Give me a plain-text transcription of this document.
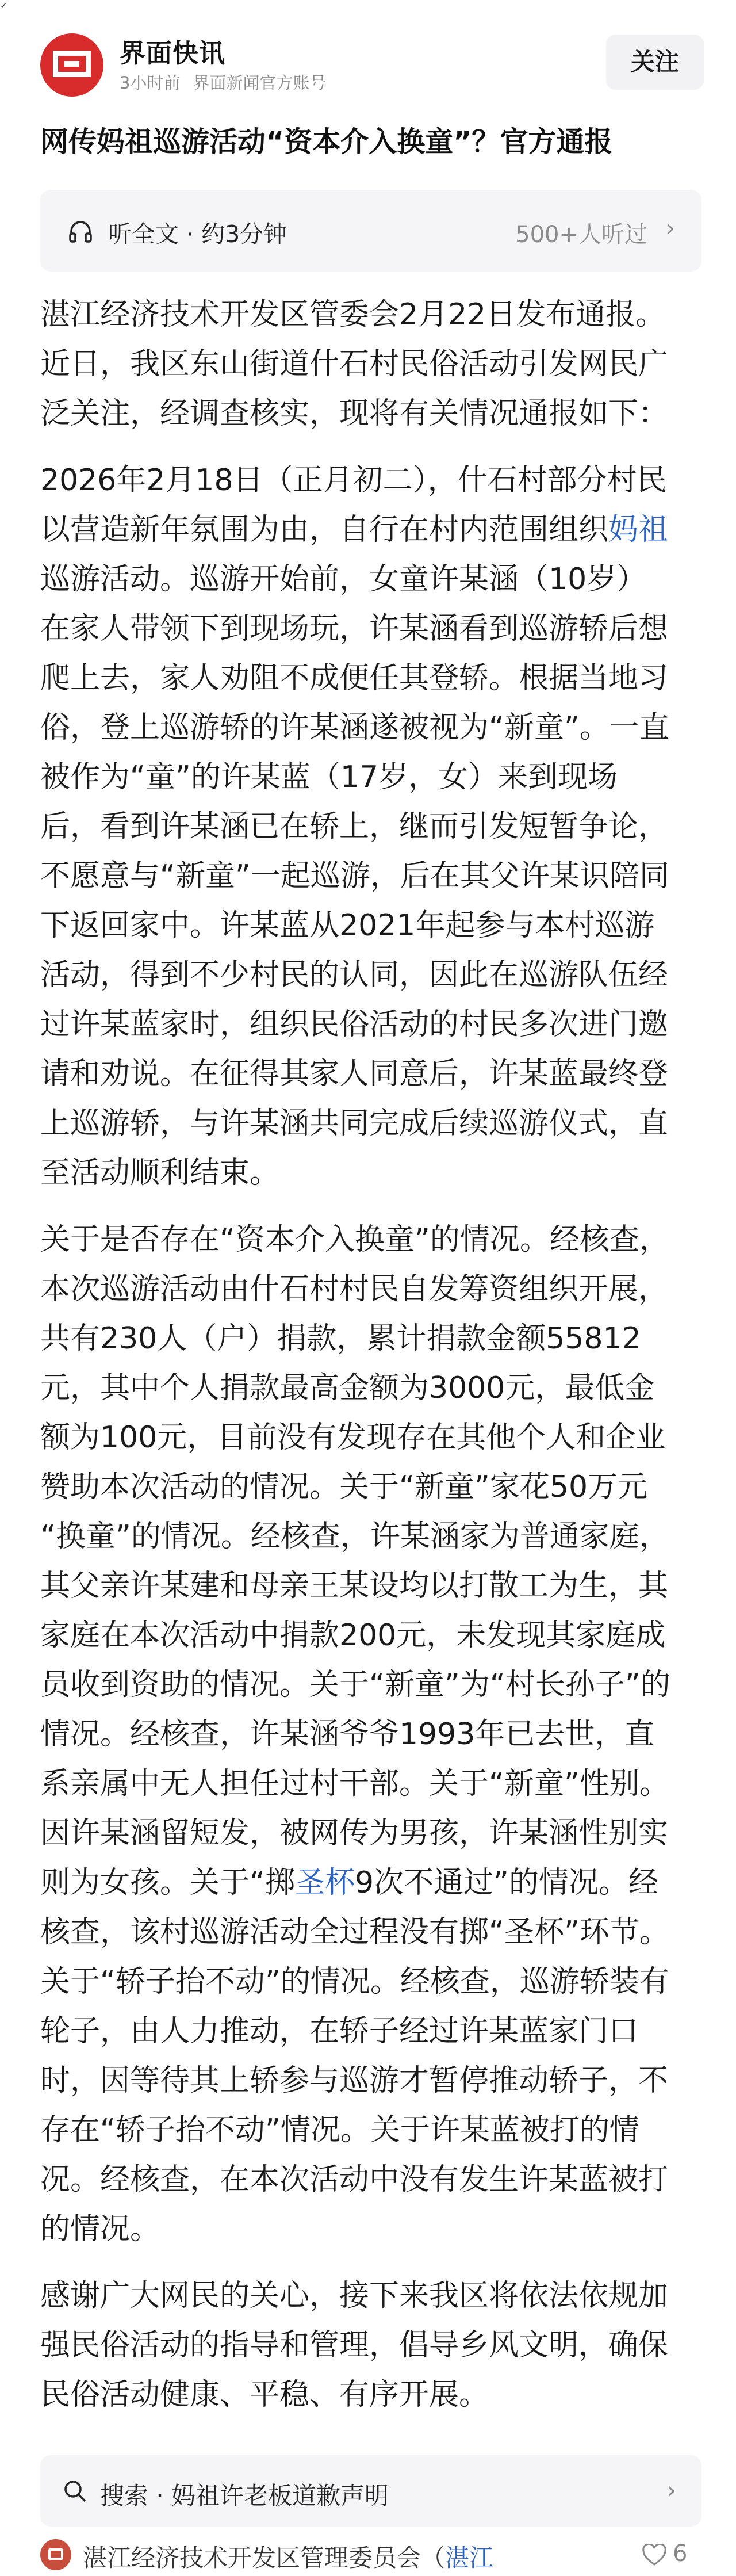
✓
界面快讯
3小时前 界面新闻官方账号
关注
网传妈祖巡游活动“资本介入换童”？官方通报
听全文 · 约3分钟	500+人听过 ›
湛江经济技术开发区管委会2月22日发布通报。
近日，我区东山街道什石村民俗活动引发网民广
泛关注，经调查核实，现将有关情况通报如下：
2026年2月18日（正月初二），什石村部分村民
以营造新年氛围为由，自行在村内范围组织妈祖
巡游活动。巡游开始前，女童许某涵（10岁）
在家人带领下到现场玩，许某涵看到巡游轿后想
爬上去，家人劝阻不成便任其登轿。根据当地习
俗，登上巡游轿的许某涵遂被视为“新童”。一直
被作为“童”的许某蓝（17岁，女）来到现场
后，看到许某涵已在轿上，继而引发短暂争论，
不愿意与“新童”一起巡游，后在其父许某识陪同
下返回家中。许某蓝从2021年起参与本村巡游
活动，得到不少村民的认同，因此在巡游队伍经
过许某蓝家时，组织民俗活动的村民多次进门邀
请和劝说。在征得其家人同意后，许某蓝最终登
上巡游轿，与许某涵共同完成后续巡游仪式，直
至活动顺利结束。
关于是否存在“资本介入换童”的情况。经核查，
本次巡游活动由什石村村民自发筹资组织开展，
共有230人（户）捐款，累计捐款金额55812
元，其中个人捐款最高金额为3000元，最低金
额为100元，目前没有发现存在其他个人和企业
赞助本次活动的情况。关于“新童”家花50万元
“换童”的情况。经核查，许某涵家为普通家庭，
其父亲许某建和母亲王某设均以打散工为生，其
家庭在本次活动中捐款200元，未发现其家庭成
员收到资助的情况。关于“新童”为“村长孙子”的
情况。经核查，许某涵爷爷1993年已去世，直
系亲属中无人担任过村干部。关于“新童”性别。
因许某涵留短发，被网传为男孩，许某涵性别实
则为女孩。关于“掷圣杯9次不通过”的情况。经
核查，该村巡游活动全过程没有掷“圣杯”环节。
关于“轿子抬不动”的情况。经核查，巡游轿装有
轮子，由人力推动，在轿子经过许某蓝家门口
时，因等待其上轿参与巡游才暂停推动轿子，不
存在“轿子抬不动”情况。关于许某蓝被打的情
况。经核查，在本次活动中没有发生许某蓝被打
的情况。
感谢广大网民的关心，接下来我区将依法依规加
强民俗活动的指导和管理，倡导乡风文明，确保
民俗活动健康、平稳、有序开展。
搜索 · 妈祖许老板道歉声明	›
湛江经济技术开发区管理委员会（湛江	6
